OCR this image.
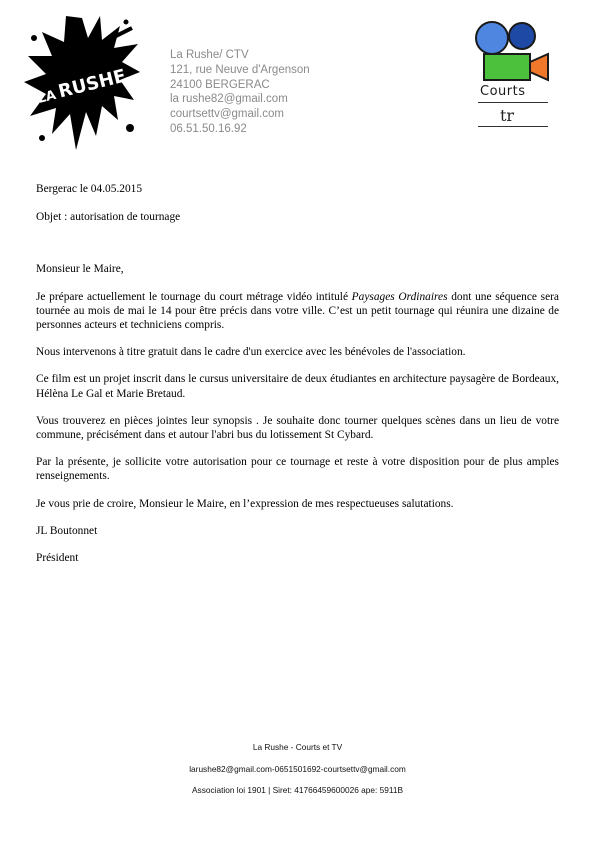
LA
RUSHE
La Rushe/ CTV
121, rue Neuve d'Argenson
24100 BERGERAC
la rushe82@gmail.com
courtsettv@gmail.com
06.51.50.16.92
Courts
tr

Bergerac le 04.05.2015

Objet : autorisation de tournage

Monsieur le Maire,

Je prépare actuellement le tournage du court métrage vidéo intitulé Paysages Ordinaires dont une séquence sera tournée au mois de mai le 14 pour être précis dans votre ville. C’est un petit tournage qui réunira une dizaine de personnes acteurs et techniciens compris.

Nous intervenons à titre gratuit dans le cadre d'un exercice avec les bénévoles de l'association.

Ce film est un projet inscrit dans le cursus universitaire de deux étudiantes en architecture paysagère de Bordeaux, Hélèna Le Gal et Marie Bretaud.

Vous trouverez en pièces jointes leur synopsis . Je souhaite donc tourner quelques scènes dans un lieu de votre commune, précisément dans et autour l'abri bus du lotissement St Cybard.

Par la présente, je sollicite votre autorisation pour ce tournage et reste à votre disposition pour de plus amples renseignements.

Je vous prie de croire, Monsieur le Maire, en l’expression de mes respectueuses salutations.

JL Boutonnet

Président

La Rushe - Courts et TV
larushe82@gmail.com-0651501692-courtsettv@gmail.com
Association loi 1901 | Siret: 41766459600026 ape: 5911B
